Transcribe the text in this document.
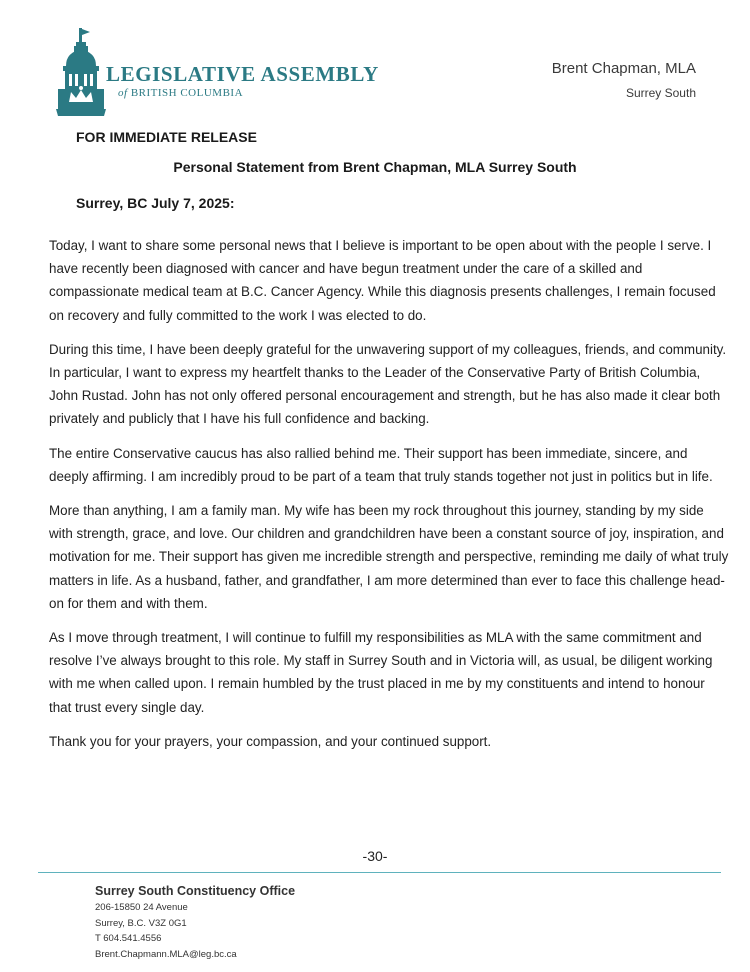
LEGISLATIVE ASSEMBLY
of BRITISH COLUMBIA
Brent Chapman, MLA
Surrey South
FOR IMMEDIATE RELEASE
Personal Statement from Brent Chapman, MLA Surrey South
Surrey, BC July 7, 2025:

Today, I want to share some personal news that I believe is important to be open about with the people I serve. I have recently been diagnosed with cancer and have begun treatment under the care of a skilled and compassionate medical team at B.C. Cancer Agency. While this diagnosis presents challenges, I remain focused on recovery and fully committed to the work I was elected to do.

During this time, I have been deeply grateful for the unwavering support of my colleagues, friends, and community. In particular, I want to express my heartfelt thanks to the Leader of the Conservative Party of British Columbia, John Rustad. John has not only offered personal encouragement and strength, but he has also made it clear both privately and publicly that I have his full confidence and backing.

The entire Conservative caucus has also rallied behind me. Their support has been immediate, sincere, and deeply affirming. I am incredibly proud to be part of a team that truly stands together not just in politics but in life.

More than anything, I am a family man. My wife has been my rock throughout this journey, standing by my side with strength, grace, and love. Our children and grandchildren have been a constant source of joy, inspiration, and motivation for me. Their support has given me incredible strength and perspective, reminding me daily of what truly matters in life. As a husband, father, and grandfather, I am more determined than ever to face this challenge head-on for them and with them.

As I move through treatment, I will continue to fulfill my responsibilities as MLA with the same commitment and resolve I’ve always brought to this role. My staff in Surrey South and in Victoria will, as usual, be diligent working with me when called upon. I remain humbled by the trust placed in me by my constituents and intend to honour that trust every single day.

Thank you for your prayers, your compassion, and your continued support.

-30-
Surrey South Constituency Office
206-15850 24 Avenue
Surrey, B.C. V3Z 0G1
T 604.541.4556
Brent.Chapmann.MLA@leg.bc.ca
